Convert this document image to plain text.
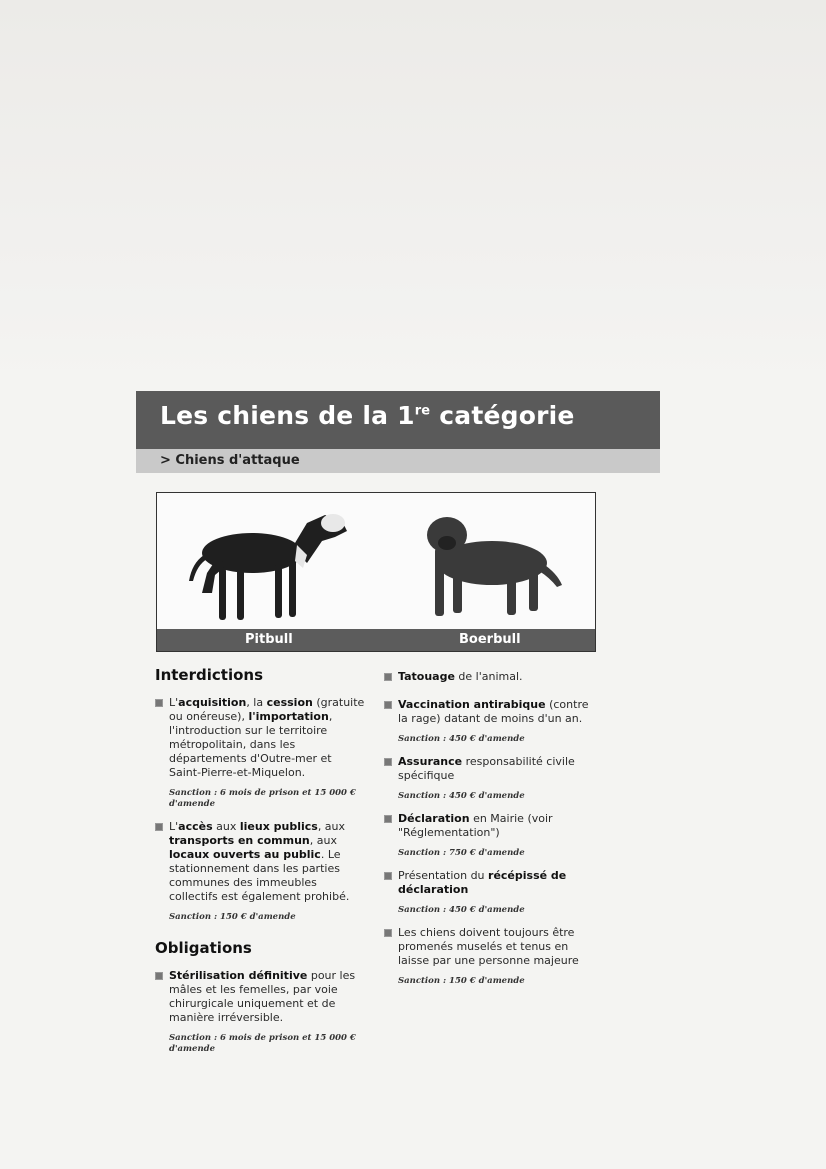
Les chiens de la 1re catégorie
> Chiens d'attaque
Pitbull	Boerbull
Interdictions
L'acquisition, la cession (gratuite ou onéreuse), l'importation, l'introduction sur le territoire métropolitain, dans les départements d'Outre-mer et Saint-Pierre-et-Miquelon.
Sanction : 6 mois de prison et 15 000 € d'amende
L'accès aux lieux publics, aux transports en commun, aux locaux ouverts au public. Le stationnement dans les parties communes des immeubles collectifs est également prohibé.
Sanction : 150 € d'amende
Obligations
Stérilisation définitive pour les mâles et les femelles, par voie chirurgicale uniquement et de manière irréversible.
Sanction : 6 mois de prison et 15 000 € d'amende
Tatouage de l'animal.
Vaccination antirabique (contre la rage) datant de moins d'un an.
Sanction : 450 € d'amende
Assurance responsabilité civile spécifique
Sanction : 450 € d'amende
Déclaration en Mairie (voir "Réglementation")
Sanction : 750 € d'amende
Présentation du récépissé de déclaration
Sanction : 450 € d'amende
Les chiens doivent toujours être promenés muselés et tenus en laisse par une personne majeure
Sanction : 150 € d'amende
